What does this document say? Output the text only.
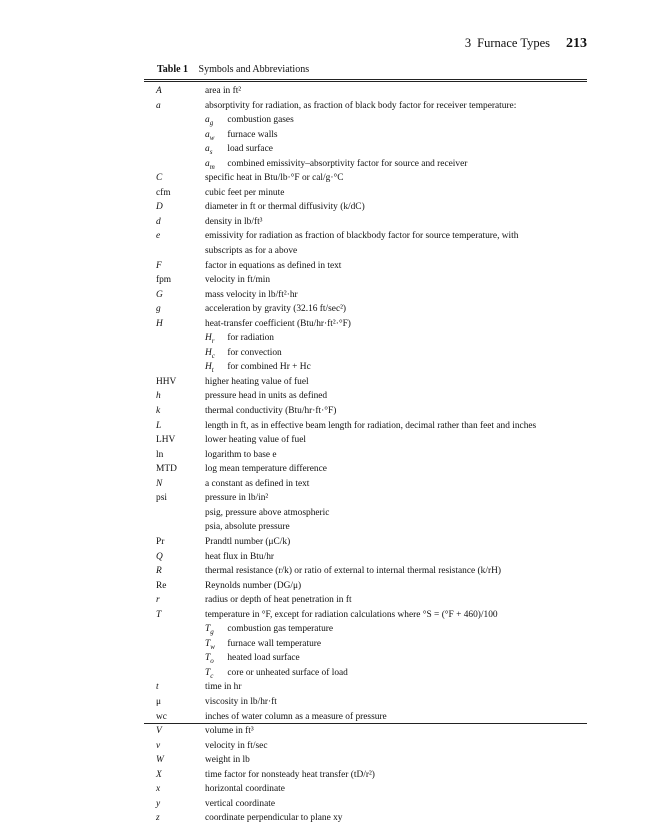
3 Furnace Types 213
Table 1 Symbols and Abbreviations
A	area in ft²
a	absorptivity for radiation, as fraction of black body factor for receiver temperature:
$a_g$ combustion gases
$a_w$ furnace walls
$a_s$ load surface
$a_m$ combined emissivity–absorptivity factor for source and receiver
C	specific heat in Btu/lb·°F or cal/g·°C
cfm	cubic feet per minute
D	diameter in ft or thermal diffusivity (k/dC)
d	density in lb/ft³
e	emissivity for radiation as fraction of blackbody factor for source temperature, with
subscripts as for a above
F	factor in equations as defined in text
fpm	velocity in ft/min
G	mass velocity in lb/ft²·hr
g	acceleration by gravity (32.16 ft/sec²)
H	heat-transfer coefficient (Btu/hr·ft²·°F)
$H_r$ for radiation
$H_c$ for convection
$H_t$ for combined Hr + Hc
HHV	higher heating value of fuel
h	pressure head in units as defined
k	thermal conductivity (Btu/hr·ft·°F)
L	length in ft, as in effective beam length for radiation, decimal rather than feet and inches
LHV	lower heating value of fuel
ln	logarithm to base e
MTD	log mean temperature difference
N	a constant as defined in text
psi	pressure in lb/in²
psig, pressure above atmospheric
psia, absolute pressure
Pr	Prandtl number (μC/k)
Q	heat flux in Btu/hr
R	thermal resistance (r/k) or ratio of external to internal thermal resistance (k/rH)
Re	Reynolds number (DG/μ)
r	radius or depth of heat penetration in ft
T	temperature in °F, except for radiation calculations where °S = (°F + 460)/100
$T_g$ combustion gas temperature
$T_w$ furnace wall temperature
$T_o$ heated load surface
$T_c$ core or unheated surface of load
t	time in hr
μ	viscosity in lb/hr·ft
wc	inches of water column as a measure of pressure
V	volume in ft³
v	velocity in ft/sec
W	weight in lb
X	time factor for nonsteady heat transfer (tD/r²)
x	horizontal coordinate
y	vertical coordinate
z	coordinate perpendicular to plane xy
